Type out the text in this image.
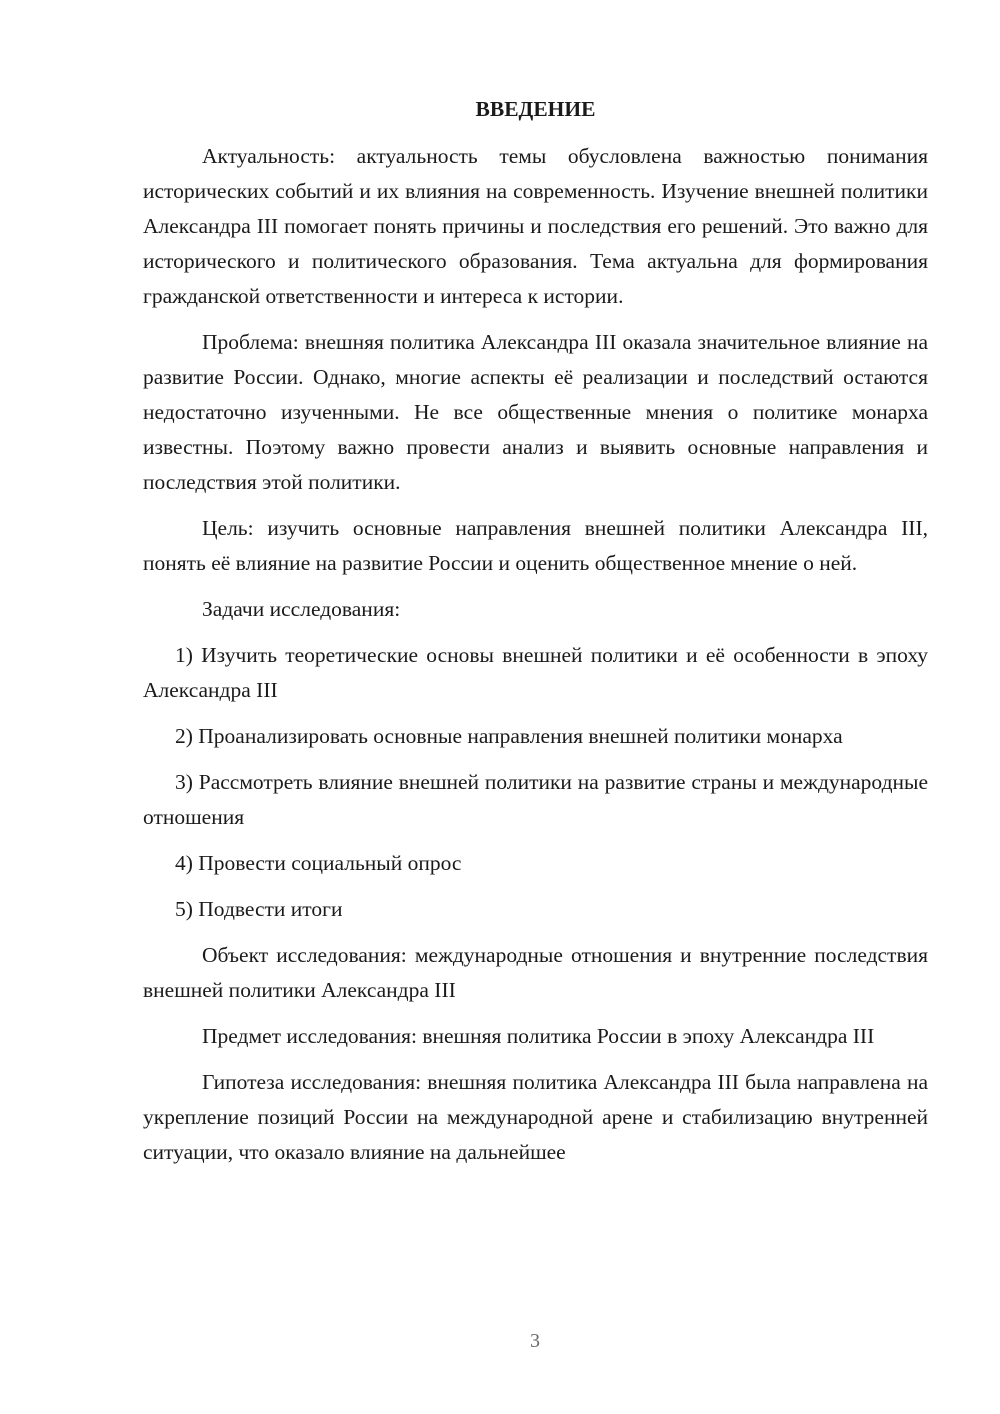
ВВЕДЕНИЕ

Актуальность: актуальность темы обусловлена важностью понимания исторических событий и их влияния на современность. Изучение внешней политики Александра III помогает понять причины и последствия его решений. Это важно для исторического и политического образования. Тема актуальна для формирования гражданской ответственности и интереса к истории.

Проблема: внешняя политика Александра III оказала значительное влияние на развитие России. Однако, многие аспекты её реализации и последствий остаются недостаточно изученными. Не все общественные мнения о политике монарха известны. Поэтому важно провести анализ и выявить основные направления и последствия этой политики.

Цель: изучить основные направления внешней политики Александра III, понять её влияние на развитие России и оценить общественное мнение о ней.

Задачи исследования:

1) Изучить теоретические основы внешней политики и её особенности в эпоху Александра III

2) Проанализировать основные направления внешней политики монарха

3) Рассмотреть влияние внешней политики на развитие страны и международные отношения

4) Провести социальный опрос

5) Подвести итоги

Объект исследования: международные отношения и внутренние последствия внешней политики Александра III

Предмет исследования: внешняя политика России в эпоху Александра III

Гипотеза исследования: внешняя политика Александра III была направлена на укрепление позиций России на международной арене и стабилизацию внутренней ситуации, что оказало влияние на дальнейшее

3
